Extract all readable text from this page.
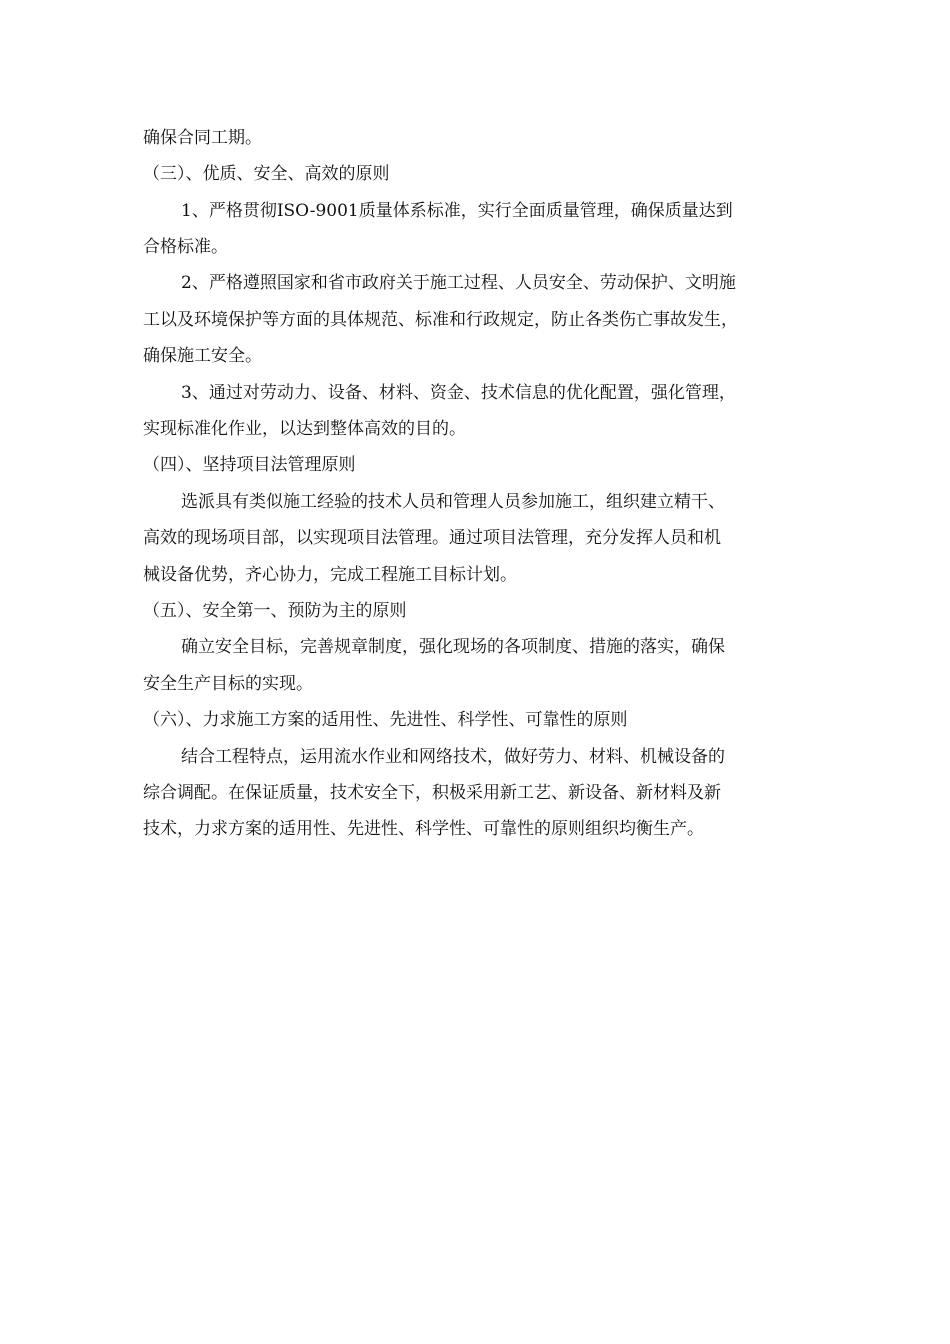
确保合同工期。
（三）、优质、安全、高效的原则
1、严格贯彻ISO-9001质量体系标准，实行全面质量管理，确保质量达到
合格标准。
2、严格遵照国家和省市政府关于施工过程、人员安全、劳动保护、文明施
工以及环境保护等方面的具体规范、标准和行政规定，防止各类伤亡事故发生，
确保施工安全。
3、通过对劳动力、设备、材料、资金、技术信息的优化配置，强化管理，
实现标准化作业，以达到整体高效的目的。
（四）、坚持项目法管理原则
选派具有类似施工经验的技术人员和管理人员参加施工，组织建立精干、
高效的现场项目部，以实现项目法管理。通过项目法管理，充分发挥人员和机
械设备优势，齐心协力，完成工程施工目标计划。
（五）、安全第一、预防为主的原则
确立安全目标，完善规章制度，强化现场的各项制度、措施的落实，确保
安全生产目标的实现。
（六）、力求施工方案的适用性、先进性、科学性、可靠性的原则
结合工程特点，运用流水作业和网络技术，做好劳力、材料、机械设备的
综合调配。在保证质量，技术安全下，积极采用新工艺、新设备、新材料及新
技术，力求方案的适用性、先进性、科学性、可靠性的原则组织均衡生产。
